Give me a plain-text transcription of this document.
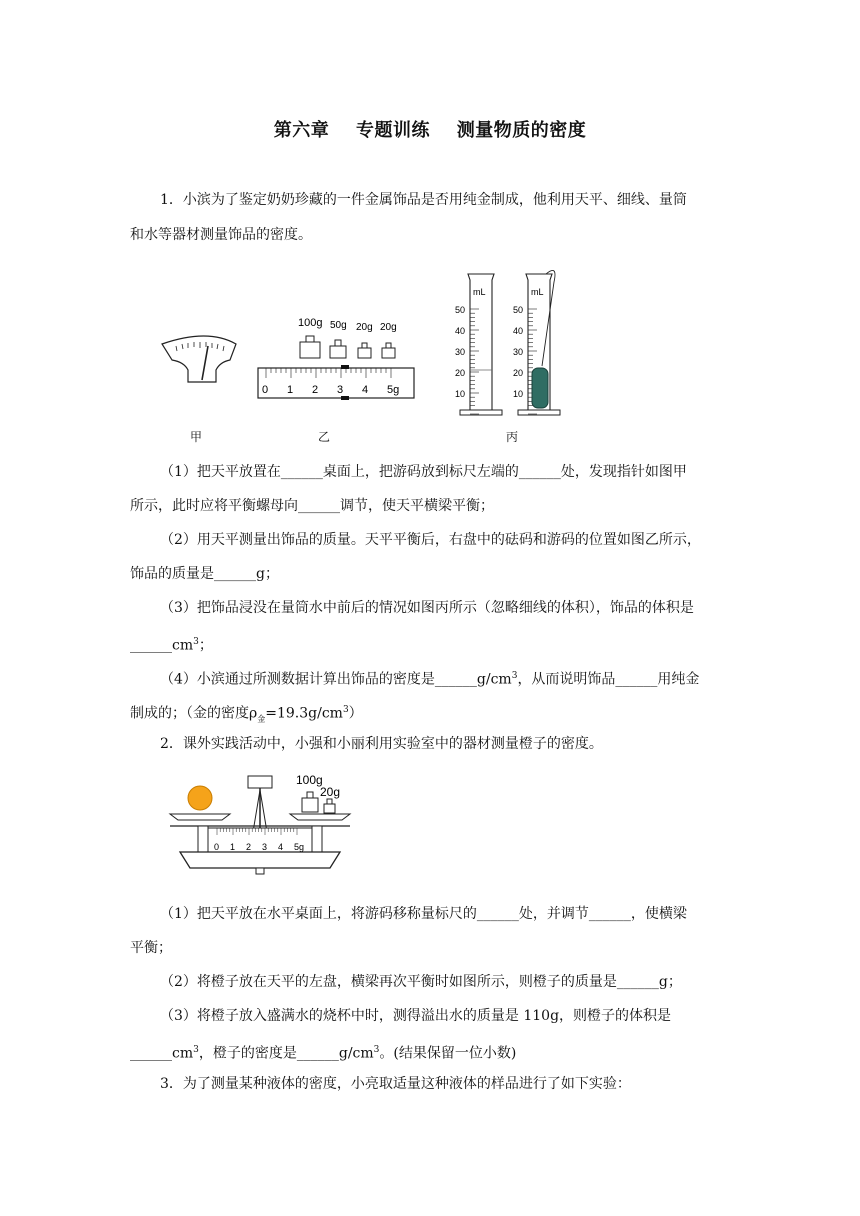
第六章 专题训练 测量物质的密度
1．小滨为了鉴定奶奶珍藏的一件金属饰品是否用纯金制成，他利用天平、细线、量筒
和水等器材测量饰品的密度。
100g 50g 20g 20g
0 1 2 3 4 5g
mL
50
40
30
20
10
mL
50
40
30
20
10
甲	乙	丙
（1）把天平放置在______桌面上，把游码放到标尺左端的______处，发现指针如图甲
所示，此时应将平衡螺母向______调节，使天平横梁平衡；
（2）用天平测量出饰品的质量。天平平衡后，右盘中的砝码和游码的位置如图乙所示，
饰品的质量是______g；
（3）把饰品浸没在量筒水中前后的情况如图丙所示（忽略细线的体积），饰品的体积是
$\_\_\_\_\_\_cm^3$；
（4）小滨通过所测数据计算出饰品的密度是$\_\_\_\_\_\_g/cm^3$，从而说明饰品______用纯金
制成的；（金的密度$\rho_金=19.3g/cm^3$）
2．课外实践活动中，小强和小丽利用实验室中的器材测量橙子的密度。
100g
20g
0 1 2 3 4 5g
（1）把天平放在水平桌面上，将游码移称量标尺的______处，并调节______，使横梁
平衡；
（2）将橙子放在天平的左盘，横梁再次平衡时如图所示，则橙子的质量是______g；
（3）将橙子放入盛满水的烧杯中时，测得溢出水的质量是 110g，则橙子的体积是
$\_\_\_\_\_\_cm^3$，橙子的密度是$\_\_\_\_\_\_g/cm^3$。(结果保留一位小数)
3．为了测量某种液体的密度，小亮取适量这种液体的样品进行了如下实验：
